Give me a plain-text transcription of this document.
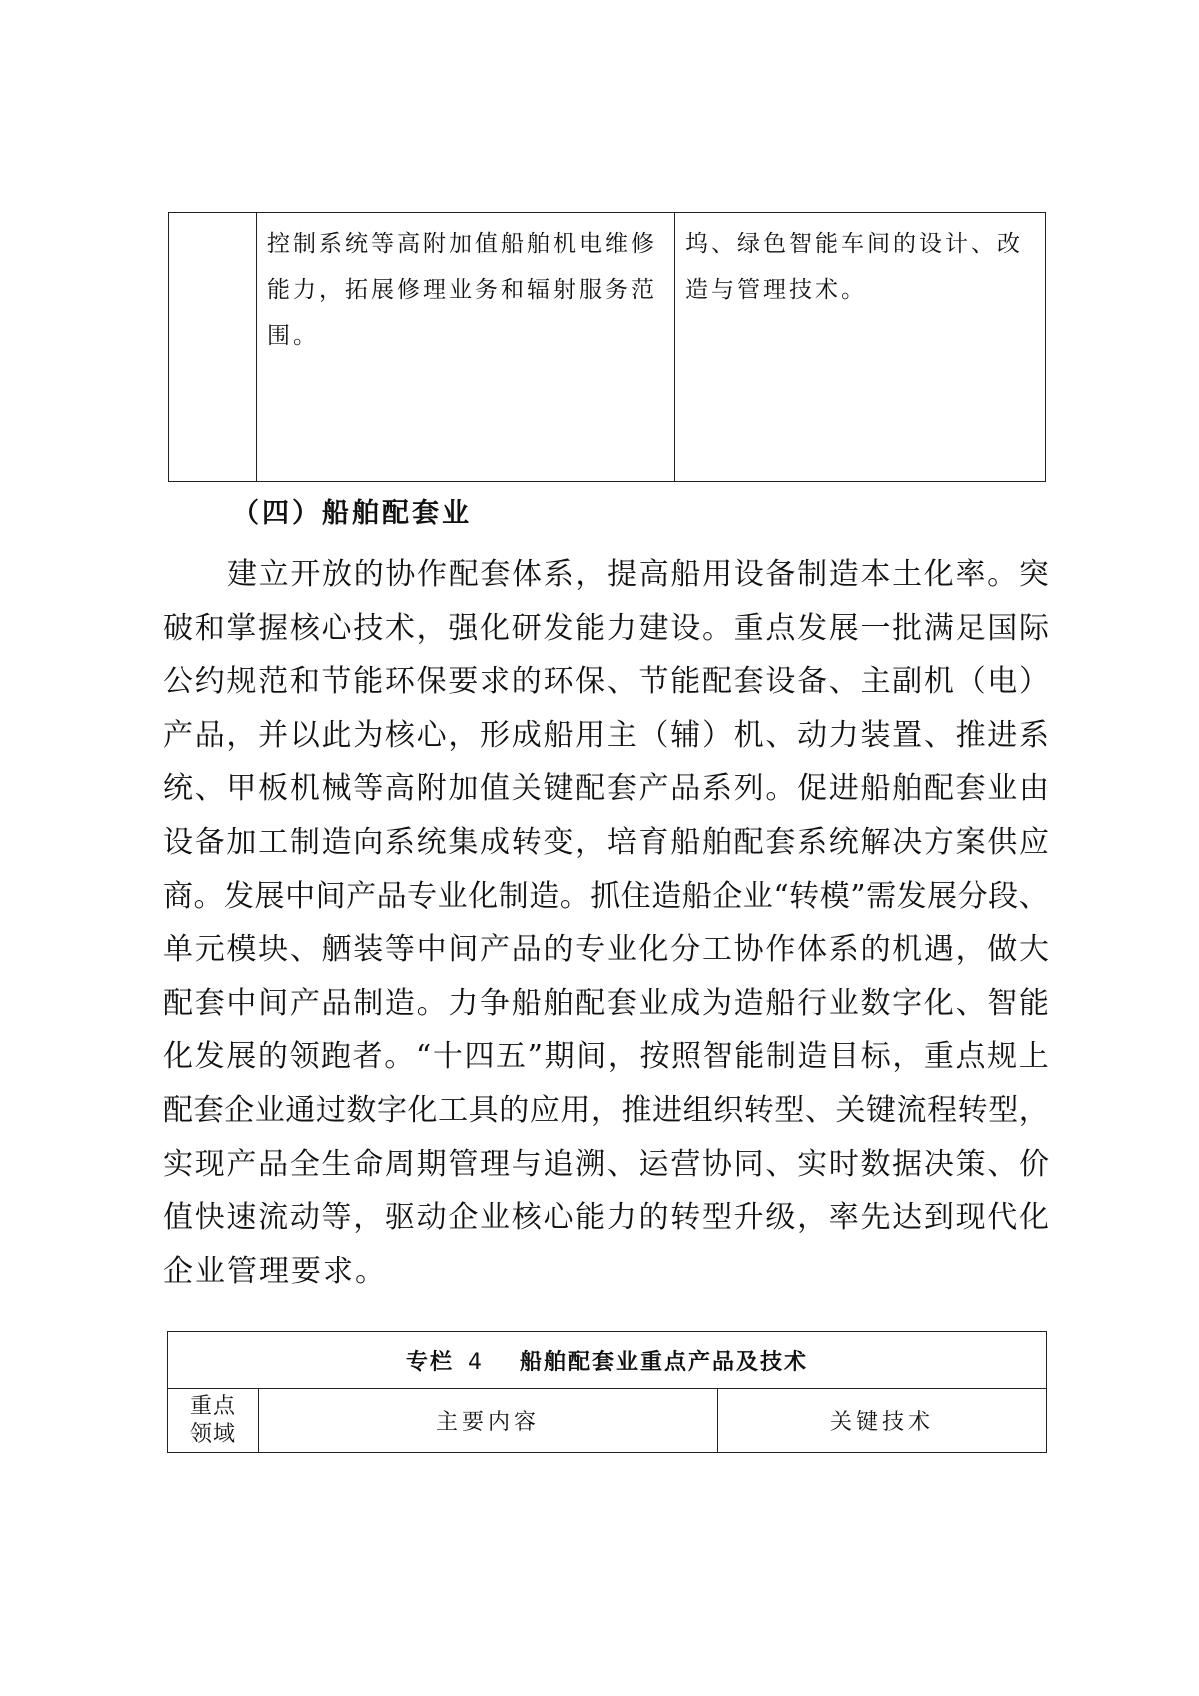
	控制系统等高附加值船舶机电维修能力，拓展修理业务和辐射服务范围。	坞、绿色智能车间的设计、改造与管理技术。
（四）船舶配套业
建 立 开 放 的 协 作 配 套 体 系 ， 提 高 船 用 设 备 制 造 本 土 化 率 。 突
破 和 掌 握 核 心 技 术 ， 强 化 研 发 能 力 建 设 。 重 点 发 展 一 批 满 足 国 际
公 约 规 范 和 节 能 环 保 要 求 的 环 保 、 节 能 配 套 设 备 、 主 副 机 （ 电 ）
产 品 ， 并 以 此 为 核 心 ， 形 成 船 用 主 （ 辅 ） 机 、 动 力 装 置 、 推 进 系
统 、 甲 板 机 械 等 高 附 加 值 关 键 配 套 产 品 系 列 。 促 进 船 舶 配 套 业 由
设 备 加 工 制 造 向 系 统 集 成 转 变 ， 培 育 船 舶 配 套 系 统 解 决 方 案 供 应
商 。 发 展 中 间 产 品 专 业 化 制 造 。 抓 住 造 船 企 业 “ 转 模 ” 需 发 展 分 段 、
单 元 模 块 、 舾 装 等 中 间 产 品 的 专 业 化 分 工 协 作 体 系 的 机 遇 ， 做 大
配 套 中 间 产 品 制 造 。 力 争 船 舶 配 套 业 成 为 造 船 行 业 数 字 化 、 智 能
化 发 展 的 领 跑 者 。 “ 十 四 五 ” 期 间 ， 按 照 智 能 制 造 目 标 ， 重 点 规 上
配 套 企 业 通 过 数 字 化 工 具 的 应 用 ， 推 进 组 织 转 型 、 关 键 流 程 转 型 ，
实 现 产 品 全 生 命 周 期 管 理 与 追 溯 、 运 营 协 同 、 实 时 数 据 决 策 、 价
值 快 速 流 动 等 ， 驱 动 企 业 核 心 能 力 的 转 型 升 级 ， 率 先 达 到 现 代 化
企业管理要求。
专栏 4 船舶配套业重点产品及技术

重点
领域	主要内容	关键技术
